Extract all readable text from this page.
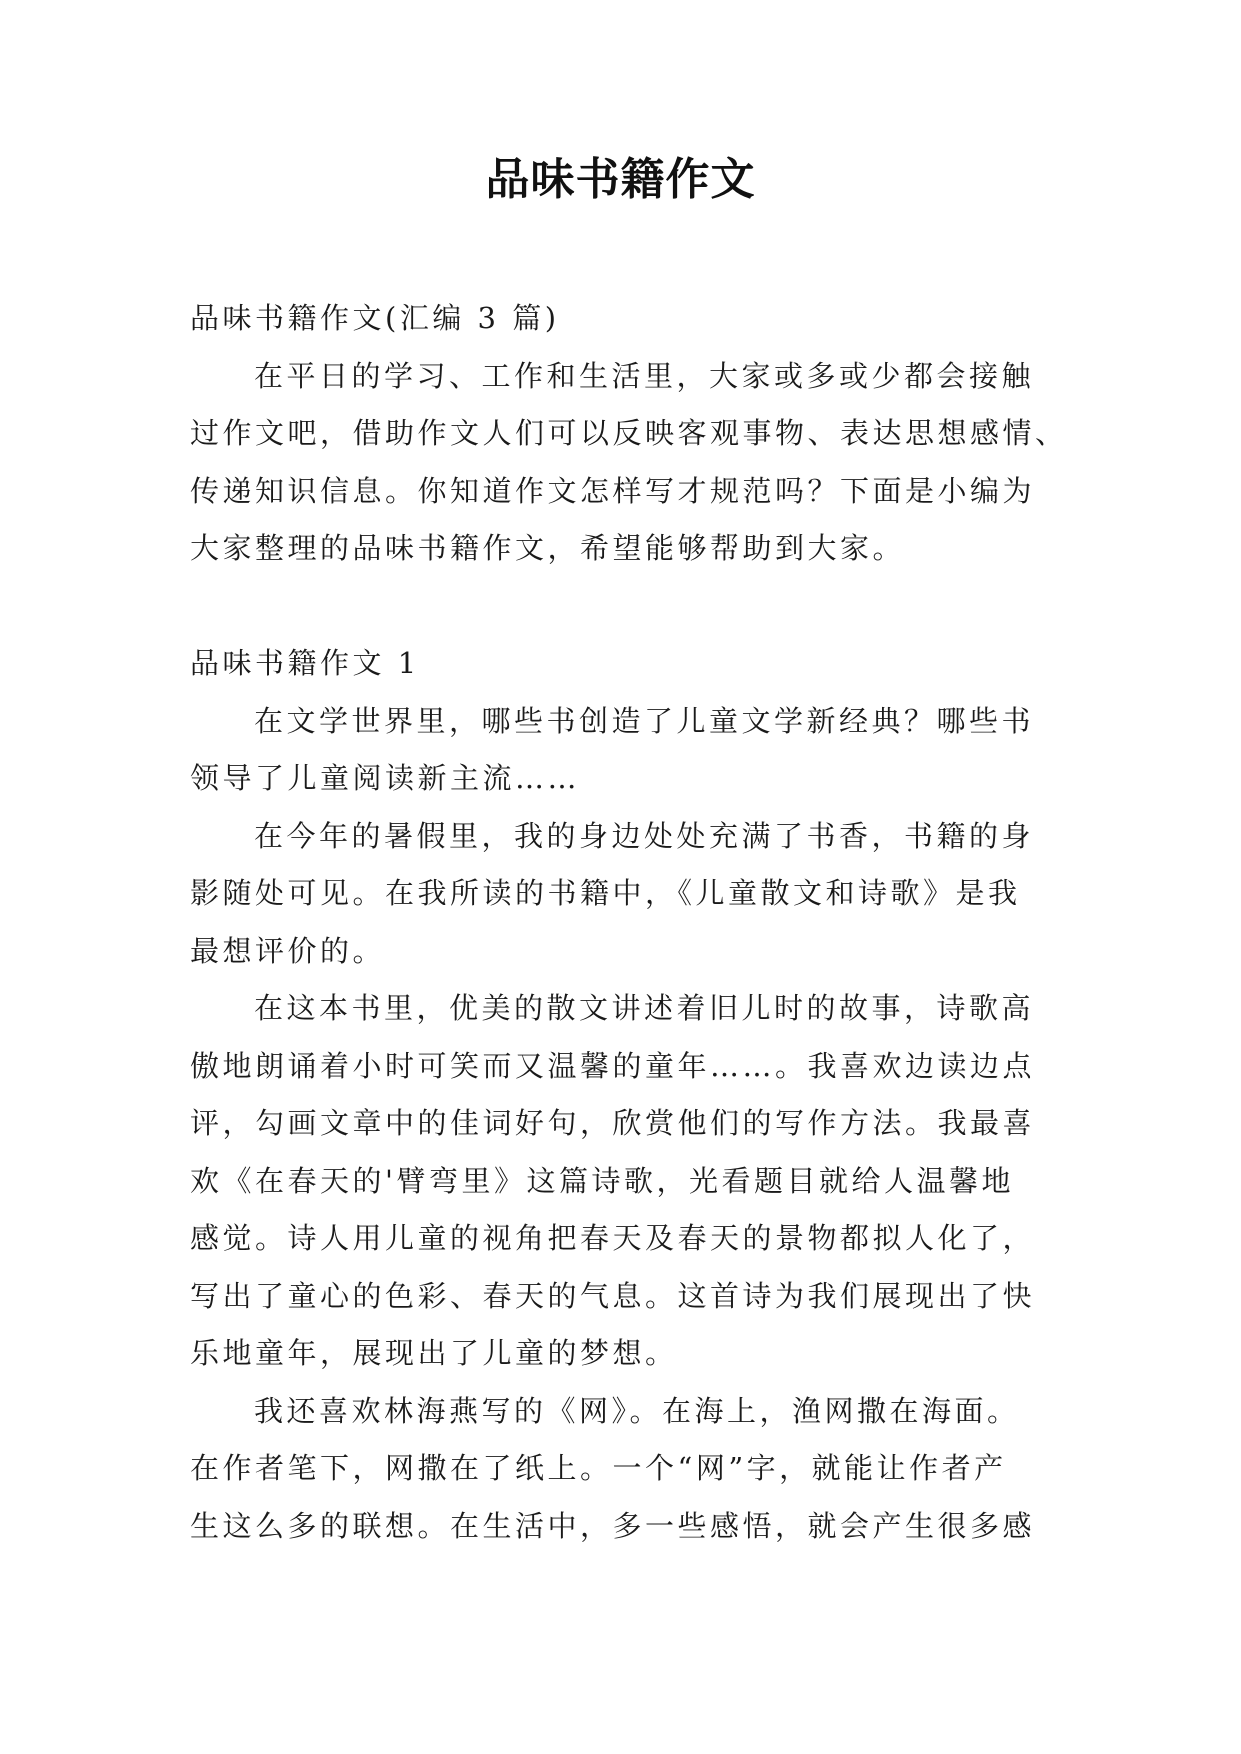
品味书籍作文
品味书籍作文(汇编 3 篇)
在平日的学习、工作和生活里，大家或多或少都会接触
过作文吧，借助作文人们可以反映客观事物、表达思想感情、
传递知识信息。你知道作文怎样写才规范吗？下面是小编为
大家整理的品味书籍作文，希望能够帮助到大家。
品味书籍作文 1
在文学世界里，哪些书创造了儿童文学新经典？哪些书
领导了儿童阅读新主流……
在今年的暑假里，我的身边处处充满了书香，书籍的身
影随处可见。在我所读的书籍中，《儿童散文和诗歌》是我
最想评价的。
在这本书里，优美的散文讲述着旧儿时的故事，诗歌高
傲地朗诵着小时可笑而又温馨的童年……。我喜欢边读边点
评，勾画文章中的佳词好句，欣赏他们的写作方法。我最喜
欢《在春天的'臂弯里》这篇诗歌，光看题目就给人温馨地
感觉。诗人用儿童的视角把春天及春天的景物都拟人化了，
写出了童心的色彩、春天的气息。这首诗为我们展现出了快
乐地童年，展现出了儿童的梦想。
我还喜欢林海燕写的《网》。在海上，渔网撒在海面。
在作者笔下，网撒在了纸上。一个“网”字，就能让作者产
生这么多的联想。在生活中，多一些感悟，就会产生很多感
